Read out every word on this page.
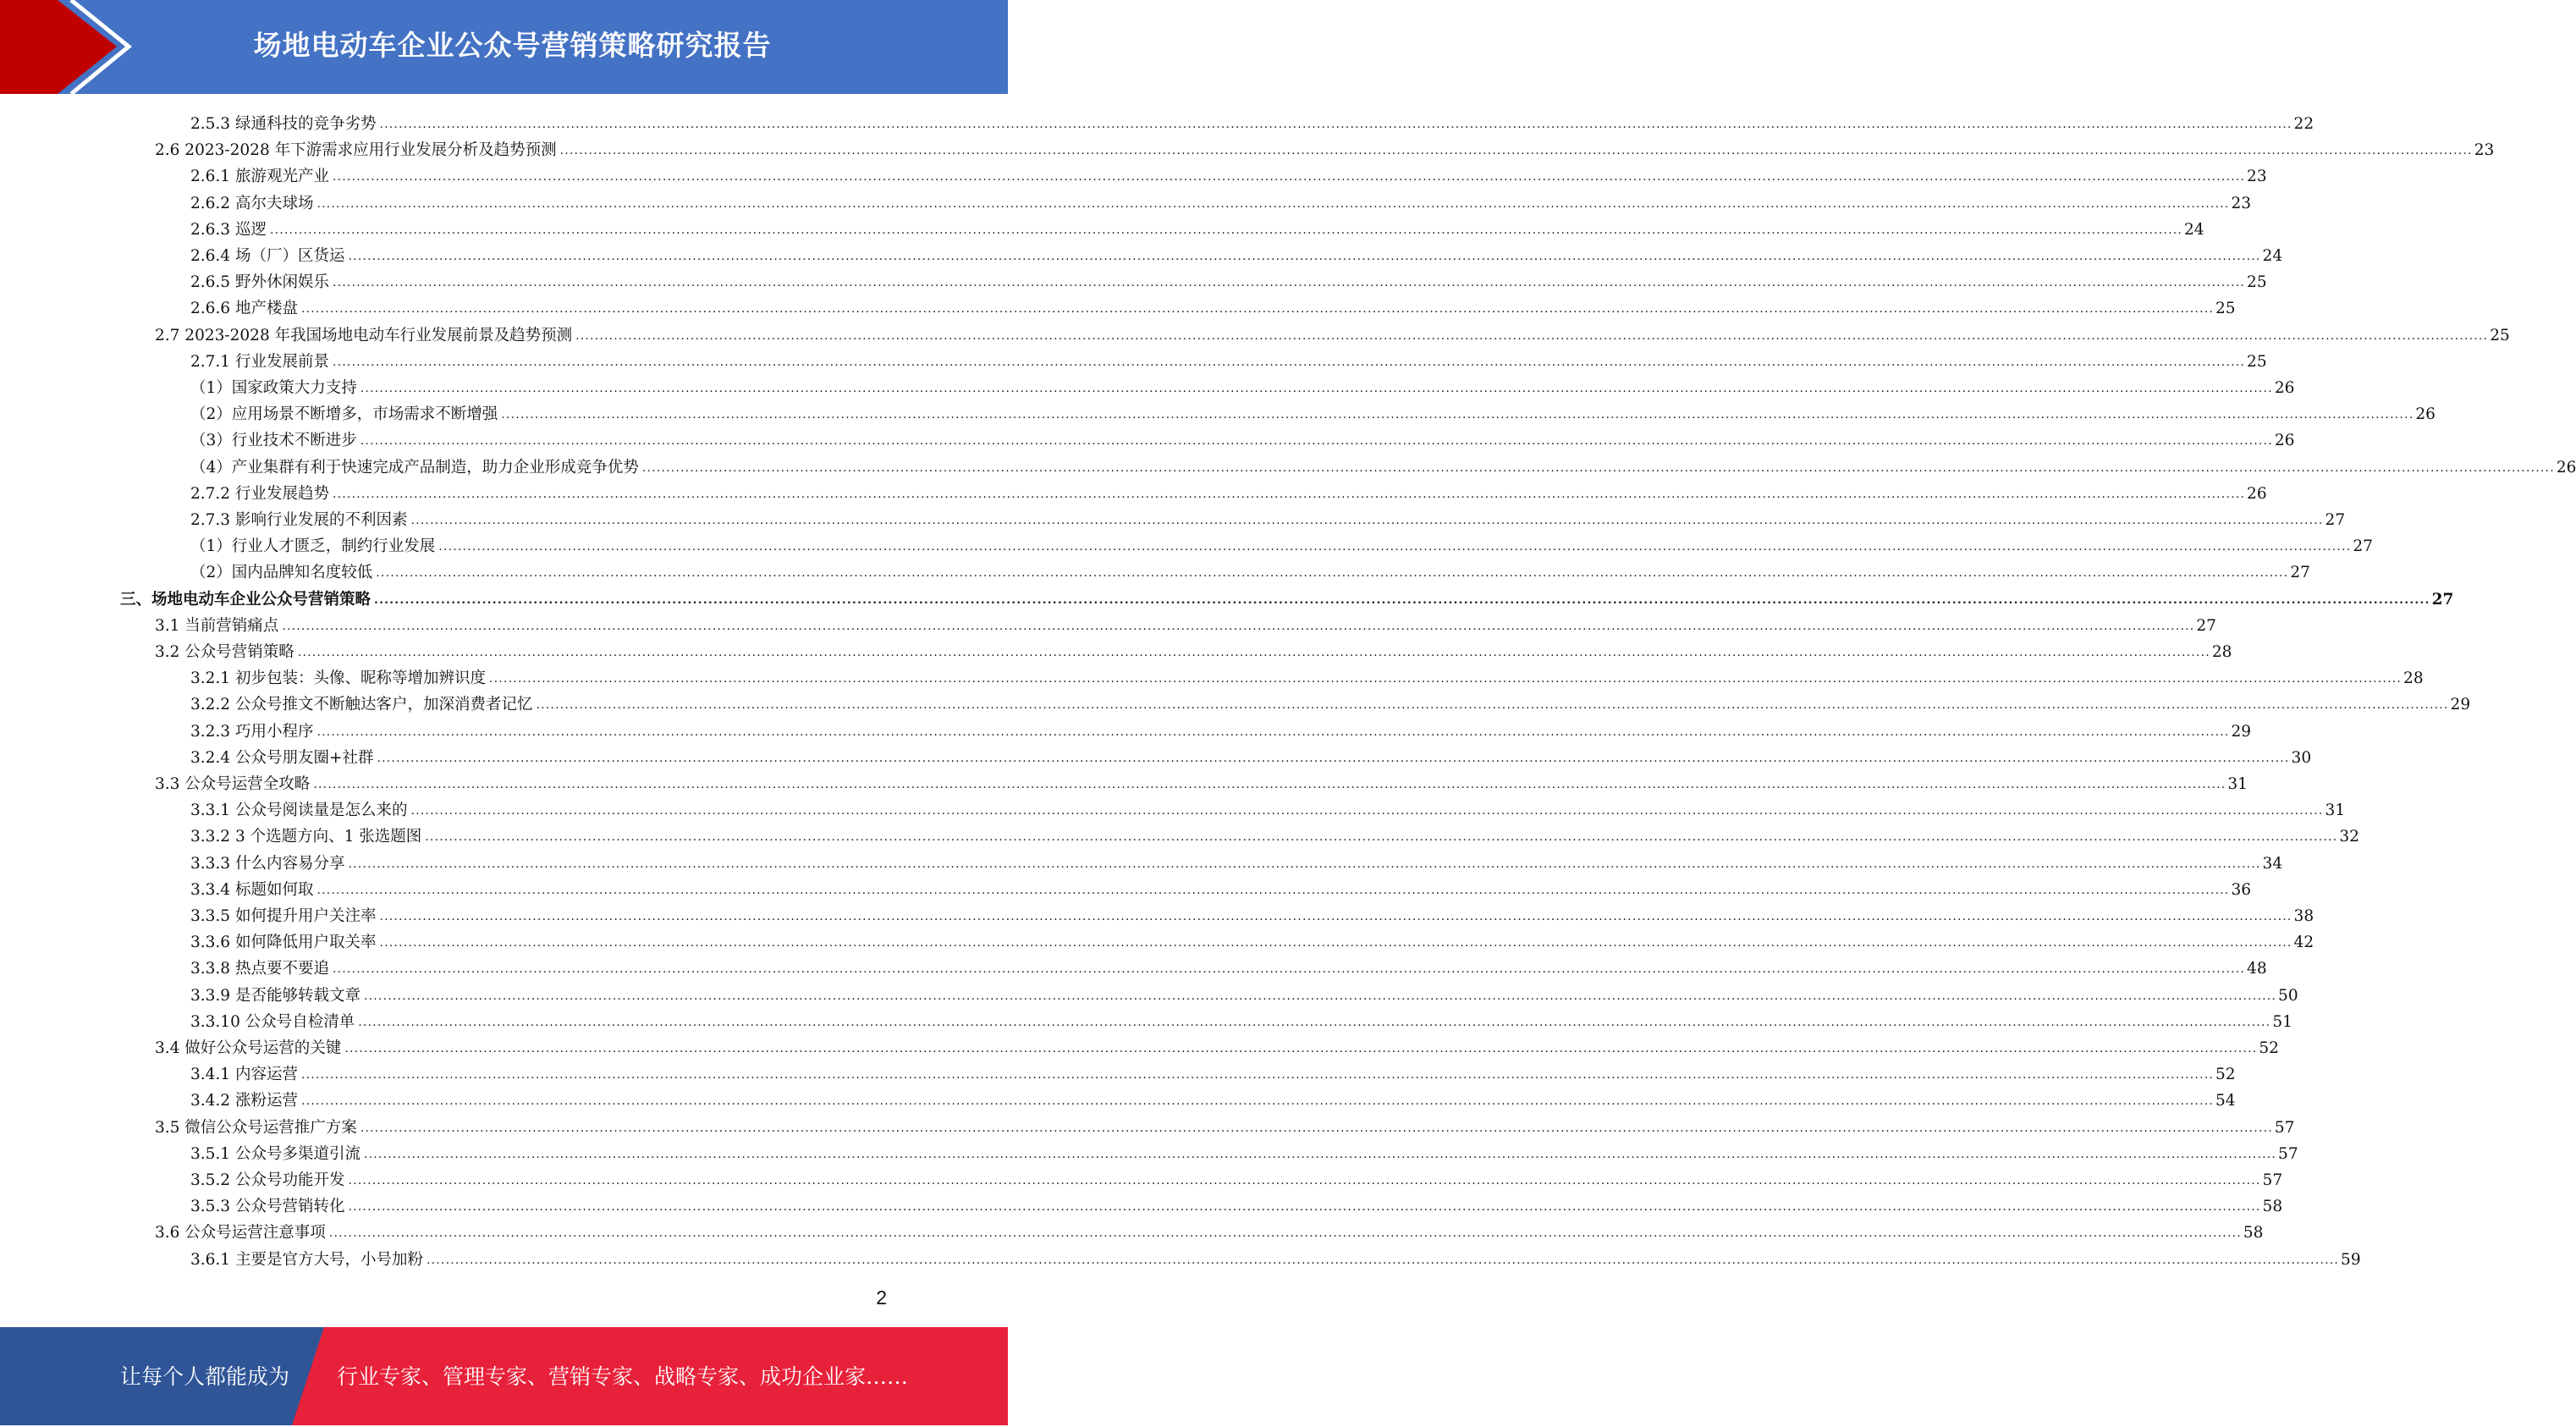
场地电动车企业公众号营销策略研究报告
2.5.3 绿通科技的竞争劣势 ................................................................................................................................................................................................................................................................................................................................................................................................................ 22
2.6 2023-2028 年下游需求应用行业发展分析及趋势预测 ................................................................................................................................................................................................................................................................................................................................................................................................................ 23
2.6.1 旅游观光产业 ................................................................................................................................................................................................................................................................................................................................................................................................................ 23
2.6.2 高尔夫球场 ................................................................................................................................................................................................................................................................................................................................................................................................................ 23
2.6.3 巡逻 ................................................................................................................................................................................................................................................................................................................................................................................................................ 24
2.6.4 场（厂）区货运 ................................................................................................................................................................................................................................................................................................................................................................................................................ 24
2.6.5 野外休闲娱乐 ................................................................................................................................................................................................................................................................................................................................................................................................................ 25
2.6.6 地产楼盘 ................................................................................................................................................................................................................................................................................................................................................................................................................ 25
2.7 2023-2028 年我国场地电动车行业发展前景及趋势预测 ................................................................................................................................................................................................................................................................................................................................................................................................................ 25
2.7.1 行业发展前景 ................................................................................................................................................................................................................................................................................................................................................................................................................ 25
（1）国家政策大力支持 ................................................................................................................................................................................................................................................................................................................................................................................................................ 26
（2）应用场景不断增多，市场需求不断增强 ................................................................................................................................................................................................................................................................................................................................................................................................................ 26
（3）行业技术不断进步 ................................................................................................................................................................................................................................................................................................................................................................................................................ 26
（4）产业集群有利于快速完成产品制造，助力企业形成竞争优势 ................................................................................................................................................................................................................................................................................................................................................................................................................ 26
2.7.2 行业发展趋势 ................................................................................................................................................................................................................................................................................................................................................................................................................ 26
2.7.3 影响行业发展的不利因素 ................................................................................................................................................................................................................................................................................................................................................................................................................ 27
（1）行业人才匮乏，制约行业发展 ................................................................................................................................................................................................................................................................................................................................................................................................................ 27
（2）国内品牌知名度较低 ................................................................................................................................................................................................................................................................................................................................................................................................................ 27
三、场地电动车企业公众号营销策略 ................................................................................................................................................................................................................................................................................................................................................................................................................ 27
3.1 当前营销痛点 ................................................................................................................................................................................................................................................................................................................................................................................................................ 27
3.2 公众号营销策略 ................................................................................................................................................................................................................................................................................................................................................................................................................ 28
3.2.1 初步包装：头像、昵称等增加辨识度 ................................................................................................................................................................................................................................................................................................................................................................................................................ 28
3.2.2 公众号推文不断触达客户，加深消费者记忆 ................................................................................................................................................................................................................................................................................................................................................................................................................ 29
3.2.3 巧用小程序 ................................................................................................................................................................................................................................................................................................................................................................................................................ 29
3.2.4 公众号朋友圈+社群 ................................................................................................................................................................................................................................................................................................................................................................................................................ 30
3.3 公众号运营全攻略 ................................................................................................................................................................................................................................................................................................................................................................................................................ 31
3.3.1 公众号阅读量是怎么来的 ................................................................................................................................................................................................................................................................................................................................................................................................................ 31
3.3.2 3 个选题方向、1 张选题图 ................................................................................................................................................................................................................................................................................................................................................................................................................ 32
3.3.3 什么内容易分享 ................................................................................................................................................................................................................................................................................................................................................................................................................ 34
3.3.4 标题如何取 ................................................................................................................................................................................................................................................................................................................................................................................................................ 36
3.3.5 如何提升用户关注率 ................................................................................................................................................................................................................................................................................................................................................................................................................ 38
3.3.6 如何降低用户取关率 ................................................................................................................................................................................................................................................................................................................................................................................................................ 42
3.3.8 热点要不要追 ................................................................................................................................................................................................................................................................................................................................................................................................................ 48
3.3.9 是否能够转载文章 ................................................................................................................................................................................................................................................................................................................................................................................................................ 50
3.3.10 公众号自检清单 ................................................................................................................................................................................................................................................................................................................................................................................................................ 51
3.4 做好公众号运营的关键 ................................................................................................................................................................................................................................................................................................................................................................................................................ 52
3.4.1 内容运营 ................................................................................................................................................................................................................................................................................................................................................................................................................ 52
3.4.2 涨粉运营 ................................................................................................................................................................................................................................................................................................................................................................................................................ 54
3.5 微信公众号运营推广方案 ................................................................................................................................................................................................................................................................................................................................................................................................................ 57
3.5.1 公众号多渠道引流 ................................................................................................................................................................................................................................................................................................................................................................................................................ 57
3.5.2 公众号功能开发 ................................................................................................................................................................................................................................................................................................................................................................................................................ 57
3.5.3 公众号营销转化 ................................................................................................................................................................................................................................................................................................................................................................................................................ 58
3.6 公众号运营注意事项 ................................................................................................................................................................................................................................................................................................................................................................................................................ 58
3.6.1 主要是官方大号，小号加粉 ................................................................................................................................................................................................................................................................................................................................................................................................................ 59
2
让每个人都能成为 行业专家、管理专家、营销专家、战略专家、成功企业家……
